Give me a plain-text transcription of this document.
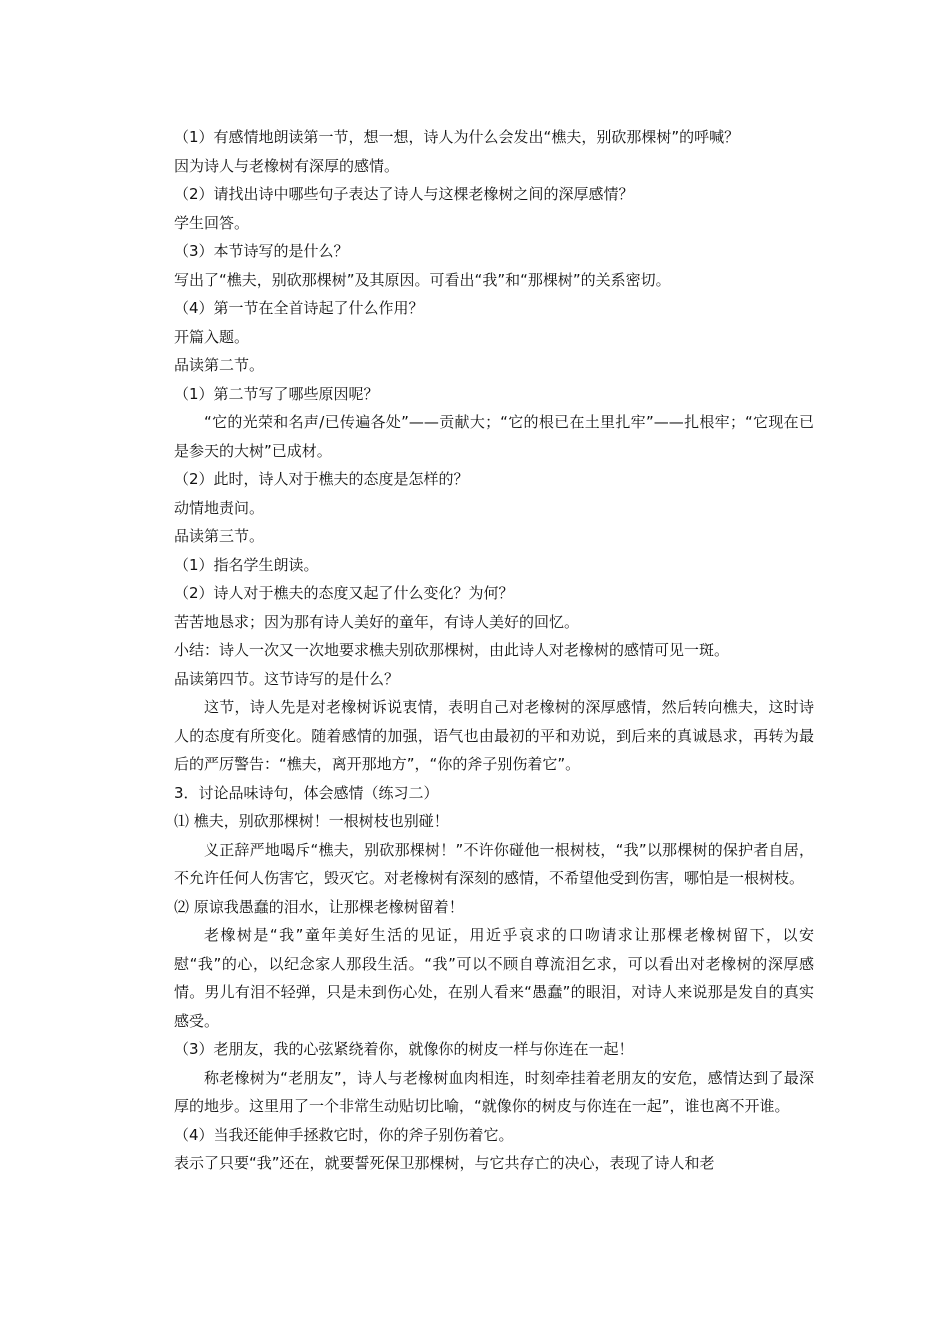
（1）有感情地朗读第一节，想一想，诗人为什么会发出“樵夫，别砍那棵树”的呼喊？

因为诗人与老橡树有深厚的感情。

（2）请找出诗中哪些句子表达了诗人与这棵老橡树之间的深厚感情？

学生回答。

（3）本节诗写的是什么？

写出了“樵夫，别砍那棵树”及其原因。可看出“我”和“那棵树”的关系密切。

（4）第一节在全首诗起了什么作用？

开篇入题。

品读第二节。

（1）第二节写了哪些原因呢？

“它的光荣和名声/已传遍各处”——贡献大；“它的根已在土里扎牢”——扎根牢；“它现在已是参天的大树”已成材。

（2）此时，诗人对于樵夫的态度是怎样的？

动情地责问。

品读第三节。

（1）指名学生朗读。

（2）诗人对于樵夫的态度又起了什么变化？为何？

苦苦地恳求；因为那有诗人美好的童年，有诗人美好的回忆。

小结：诗人一次又一次地要求樵夫别砍那棵树，由此诗人对老橡树的感情可见一斑。

品读第四节。这节诗写的是什么？

这节，诗人先是对老橡树诉说衷情，表明自己对老橡树的深厚感情，然后转向樵夫，这时诗人的态度有所变化。随着感情的加强，语气也由最初的平和劝说，到后来的真诚恳求，再转为最后的严厉警告：“樵夫，离开那地方”，“你的斧子别伤着它”。

3．讨论品味诗句，体会感情（练习二）

⑴ 樵夫，别砍那棵树！一根树枝也别碰！

义正辞严地喝斥“樵夫，别砍那棵树！”不许你碰他一根树枝，“我”以那棵树的保护者自居，不允许任何人伤害它，毁灭它。对老橡树有深刻的感情，不希望他受到伤害，哪怕是一根树枝。

⑵ 原谅我愚蠢的泪水，让那棵老橡树留着！

老橡树是“我”童年美好生活的见证，用近乎哀求的口吻请求让那棵老橡树留下，以安慰“我”的心，以纪念家人那段生活。“我”可以不顾自尊流泪乞求，可以看出对老橡树的深厚感情。男儿有泪不轻弹，只是未到伤心处，在别人看来“愚蠢”的眼泪，对诗人来说那是发自的真实感受。

（3）老朋友，我的心弦紧绕着你，就像你的树皮一样与你连在一起！

称老橡树为“老朋友”，诗人与老橡树血肉相连，时刻牵挂着老朋友的安危，感情达到了最深厚的地步。这里用了一个非常生动贴切比喻，“就像你的树皮与你连在一起”，谁也离不开谁。

（4）当我还能伸手拯救它时，你的斧子别伤着它。

表示了只要“我”还在，就要誓死保卫那棵树，与它共存亡的决心，表现了诗人和老
